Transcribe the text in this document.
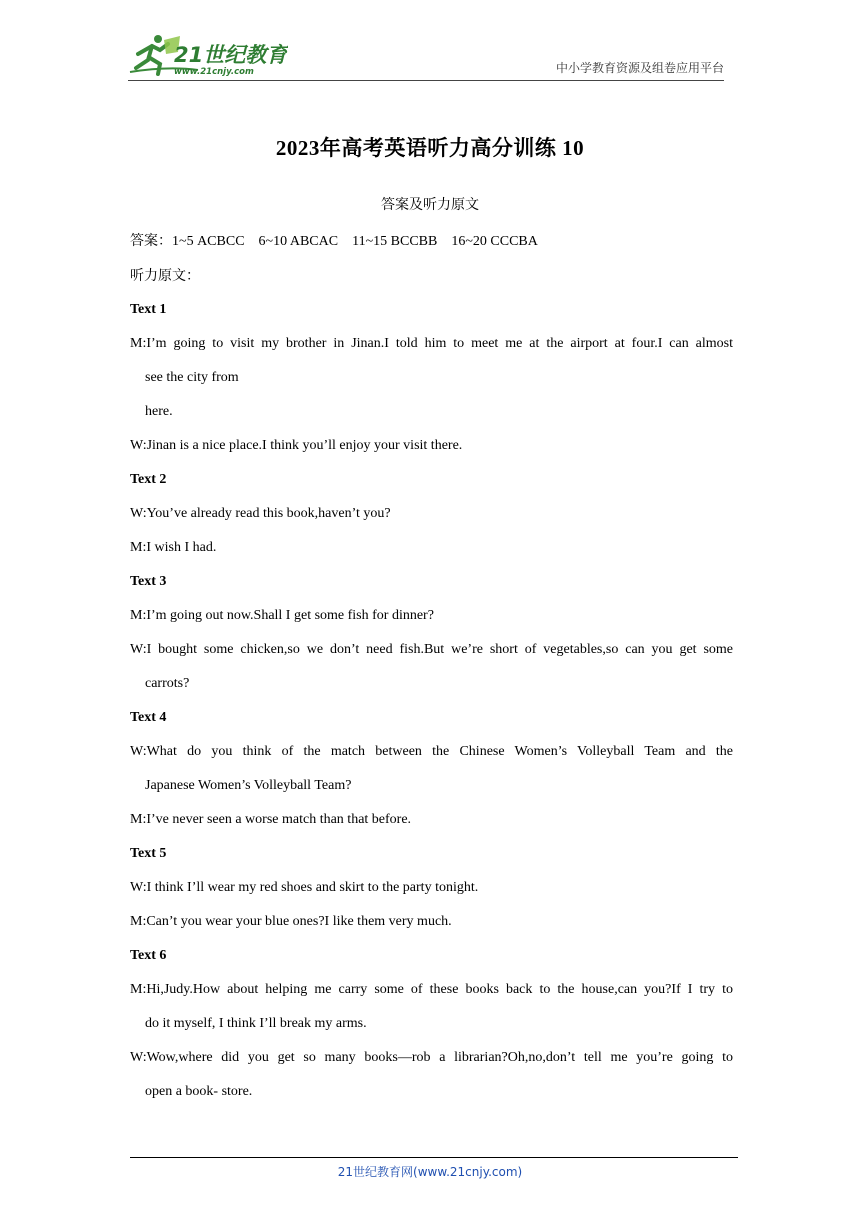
21世纪教育
www.21cnjy.com	中小学教育资源及组卷应用平台
2023年高考英语听力高分训练 10
答案及听力原文

答案：1~5 ACBCC 6~10 ABCAC 11~15 BCCBB 16~20 CCCBA

听力原文：

Text 1

M:I’m going to visit my brother in Jinan.I told him to meet me at the airport at four.I can almost

see the city from

here.

W:Jinan is a nice place.I think you’ll enjoy your visit there.

Text 2

W:You’ve already read this book,haven’t you?

M:I wish I had.

Text 3

M:I’m going out now.Shall I get some fish for dinner?

W:I bought some chicken,so we don’t need fish.But we’re short of vegetables,so can you get some

carrots?

Text 4

W:What do you think of the match between the Chinese Women’s Volleyball Team and the

Japanese Women’s Volleyball Team?

M:I’ve never seen a worse match than that before.

Text 5

W:I think I’ll wear my red shoes and skirt to the party tonight.

M:Can’t you wear your blue ones?I like them very much.

Text 6

M:Hi,Judy.How about helping me carry some of these books back to the house,can you?If I try to

do it myself, I think I’ll break my arms.

W:Wow,where did you get so many books—rob a librarian?Oh,no,don’t tell me you’re going to

open a book- store.

21世纪教育网(www.21cnjy.com)
